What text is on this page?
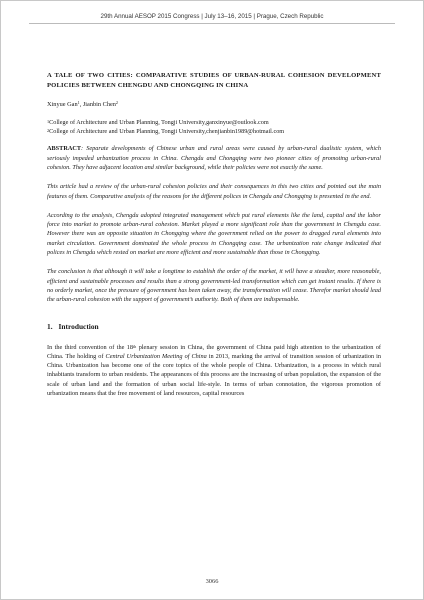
29th Annual AESOP 2015 Congress | July 13–16, 2015 | Prague, Czech Republic

A TALE OF TWO CITIES: COMPARATIVE STUDIES OF URBAN-RURAL COHESION DEVELOPMENT POLICIES BETWEEN CHENGDU AND CHONGQING IN CHINA

Xinyue Gan$^1$, Jianbin Chen$^2$
$^1$College of Architecture and Urban Planning, Tongji University,ganxinyue@outlook.com
$^2$College of Architecture and Urban Planning, Tongji University,chenjianbin1989@hotmail.com

ABSTRACT: Separate developments of Chinese urban and rural areas were caused by urban-rural dualistic system, which seriously impeded urbanization process in China. Chengdu and Chongqing were two pioneer cities of promoting urban-rural cohesion. They have adjacent location and similar background, while their policies were not exactly the same.

This article had a review of the urban-rural cohesion policies and their consequences in this two cities and pointed out the main features of them. Comparative analysis of the reasons for the different polices in Chengdu and Chongqing is presented in the end.

According to the analysis, Chengdu adopted integrated management which put rural elements like the land, capital and the labor force into market to promote urban-rural cohesion. Market played a more significant role than the government in Chengdu case. However there was an opposite situation in Chongqing where the government relied on the power to dragged rural elements into market circulation. Government dominated the whole process in Chongqing case. The urbanization rate change indicated that polices in Chengdu which rested on market are more efficient and more sustainable than those in Chongqing.

The conclusion is that although it will take a longtime to establish the order of the market, it will have a steadier, more reasonable, efficient and sustainable processes and results than a strong government-led transformation which can get instant results. If there is no orderly market, once the pressure of government has been taken away, the transformation will cease. Therefor market should lead the urban-rural cohesion with the support of government’s authority. Both of them are indispensable.

1. Introduction

In the third convention of the 18th plenary session in China, the government of China paid high attention to the urbanization of China. The holding of Central Urbanization Meeting of China in 2013, marking the arrival of transition session of urbanization in China. Urbanization has become one of the core topics of the whole people of China. Urbanization, is a process in which rural inhabitants transform to urban residents. The appearances of this process are the increasing of urban population, the expansion of the scale of urban land and the formation of urban social life-style. In terms of urban connotation, the vigorous promotion of urbanization means that the free movement of land resources, capital resources

3066
